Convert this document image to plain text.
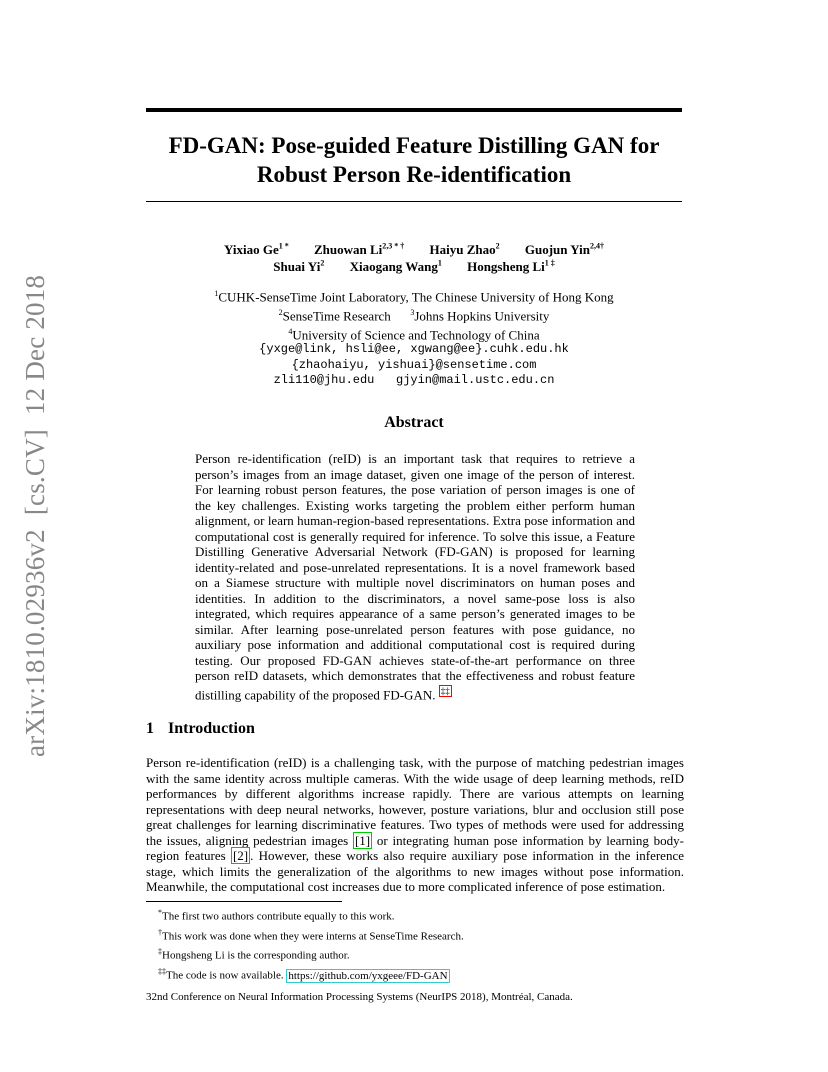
arXiv:1810.02936v2[cs.CV]12 Dec 2018
FD-GAN: Pose-guided Feature Distilling GAN for
Robust Person Re-identification
Yixiao $Ge^{1 *}$ Zhuowan $Li^{2,3 * \dagger}$ Haiyu Zhao$^2$ Guojun Yin$^{2,4\dagger}$
Shuai Yi$^2$ Xiaogang Wang$^1$ Hongsheng $Li^{1 \ddagger}$
$^1$CUHK-SenseTime Joint Laboratory, The Chinese University of Hong Kong
$^2$SenseTime Research $^3$Johns Hopkins University
$^4$University of Science and Technology of China
{yxge@link, hsli@ee, xgwang@ee}.cuhk.edu.hk
{zhaohaiyu, yishuai}@sensetime.com
zli110@jhu.edu gjyin@mail.ustc.edu.cn
Abstract
Person re-identification (reID) is an important task that requires to retrieve a person’s images from an image dataset, given one image of the person of interest. For learning robust person features, the pose variation of person images is one of the key challenges. Existing works targeting the problem either perform human alignment, or learn human-region-based representations. Extra pose information and computational cost is generally required for inference. To solve this issue, a Feature Distilling Generative Adversarial Network (FD-GAN) is proposed for learning identity-related and pose-unrelated representations. It is a novel framework based on a Siamese structure with multiple novel discriminators on human poses and identities. In addition to the discriminators, a novel same-pose loss is also integrated, which requires appearance of a same person’s generated images to be similar. After learning pose-unrelated person features with pose guidance, no auxiliary pose information and additional computational cost is required during testing. Our proposed FD-GAN achieves state-of-the-art performance on three person reID datasets, which demonstrates that the effectiveness and robust feature distilling capability of the proposed FD-GAN. ‡‡
1 Introduction
Person re-identification (reID) is a challenging task, with the purpose of matching pedestrian images with the same identity across multiple cameras. With the wide usage of deep learning methods, reID performances by different algorithms increase rapidly. There are various attempts on learning representations with deep neural networks, however, posture variations, blur and occlusion still pose great challenges for learning discriminative features. Two types of methods were used for addressing the issues, aligning pedestrian images [1] or integrating human pose information by learning body-region features [2] . However, these works also require auxiliary pose information in the inference stage, which limits the generalization of the algorithms to new images without pose information. Meanwhile, the computational cost increases due to more complicated inference of pose estimation.
*The first two authors contribute equally to this work.
†This work was done when they were interns at SenseTime Research.
‡Hongsheng Li is the corresponding author.
‡‡The code is now available. https://github.com/yxgeee/FD-GAN
32nd Conference on Neural Information Processing Systems (NeurIPS 2018), Montréal, Canada.
